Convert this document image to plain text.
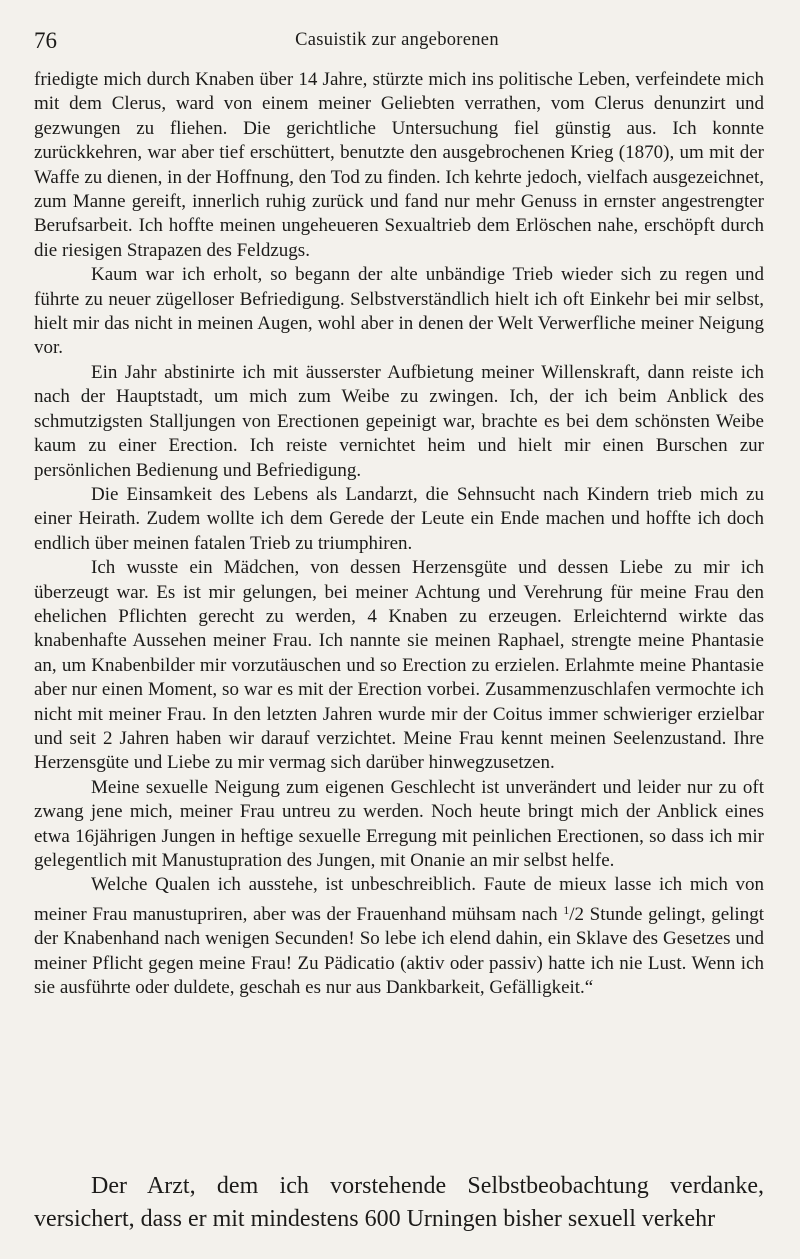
76	Casuistik zur angeborenen

friedigte mich durch Knaben über 14 Jahre, stürzte mich ins politische Leben, verfeindete mich mit dem Clerus, ward von einem meiner Geliebten verrathen, vom Clerus denunzirt und gezwungen zu fliehen. Die gerichtliche Untersuchung fiel günstig aus. Ich konnte zurückkehren, war aber tief erschüttert, benutzte den ausgebrochenen Krieg (1870), um mit der Waffe zu dienen, in der Hoffnung, den Tod zu finden. Ich kehrte jedoch, vielfach ausgezeichnet, zum Manne gereift, innerlich ruhig zurück und fand nur mehr Genuss in ernster angestrengter Berufsarbeit. Ich hoffte meinen ungeheueren Sexualtrieb dem Erlöschen nahe, erschöpft durch die riesigen Strapazen des Feldzugs.

Kaum war ich erholt, so begann der alte unbändige Trieb wieder sich zu regen und führte zu neuer zügelloser Befriedigung. Selbstverständlich hielt ich oft Einkehr bei mir selbst, hielt mir das nicht in meinen Augen, wohl aber in denen der Welt Verwerfliche meiner Neigung vor.

Ein Jahr abstinirte ich mit äusserster Aufbietung meiner Willenskraft, dann reiste ich nach der Hauptstadt, um mich zum Weibe zu zwingen. Ich, der ich beim Anblick des schmutzigsten Stalljungen von Erectionen gepeinigt war, brachte es bei dem schönsten Weibe kaum zu einer Erection. Ich reiste vernichtet heim und hielt mir einen Burschen zur persönlichen Bedienung und Befriedigung.

Die Einsamkeit des Lebens als Landarzt, die Sehnsucht nach Kindern trieb mich zu einer Heirath. Zudem wollte ich dem Gerede der Leute ein Ende machen und hoffte ich doch endlich über meinen fatalen Trieb zu triumphiren.

Ich wusste ein Mädchen, von dessen Herzensgüte und dessen Liebe zu mir ich überzeugt war. Es ist mir gelungen, bei meiner Achtung und Verehrung für meine Frau den ehelichen Pflichten gerecht zu werden, 4 Knaben zu erzeugen. Erleichternd wirkte das knabenhafte Aussehen meiner Frau. Ich nannte sie meinen Raphael, strengte meine Phantasie an, um Knabenbilder mir vorzutäuschen und so Erection zu erzielen. Erlahmte meine Phantasie aber nur einen Moment, so war es mit der Erection vorbei. Zusammenzuschlafen vermochte ich nicht mit meiner Frau. In den letzten Jahren wurde mir der Coitus immer schwieriger erzielbar und seit 2 Jahren haben wir darauf verzichtet. Meine Frau kennt meinen Seelenzustand. Ihre Herzensgüte und Liebe zu mir vermag sich darüber hinwegzusetzen.

Meine sexuelle Neigung zum eigenen Geschlecht ist unverändert und leider nur zu oft zwang jene mich, meiner Frau untreu zu werden. Noch heute bringt mich der Anblick eines etwa 16jährigen Jungen in heftige sexuelle Erregung mit peinlichen Erectionen, so dass ich mir gelegentlich mit Manustupration des Jungen, mit Onanie an mir selbst helfe.

Welche Qualen ich ausstehe, ist unbeschreiblich. Faute de mieux lasse ich mich von meiner Frau manustupriren, aber was der Frauenhand mühsam nach $^1$/2 Stunde gelingt, gelingt der Knabenhand nach wenigen Secunden! So lebe ich elend dahin, ein Sklave des Gesetzes und meiner Pflicht gegen meine Frau! Zu Pädicatio (aktiv oder passiv) hatte ich nie Lust. Wenn ich sie ausführte oder duldete, geschah es nur aus Dankbarkeit, Gefälligkeit.“

Der Arzt, dem ich vorstehende Selbstbeobachtung verdanke, versichert, dass er mit mindestens 600 Urningen bisher sexuell verkehr
